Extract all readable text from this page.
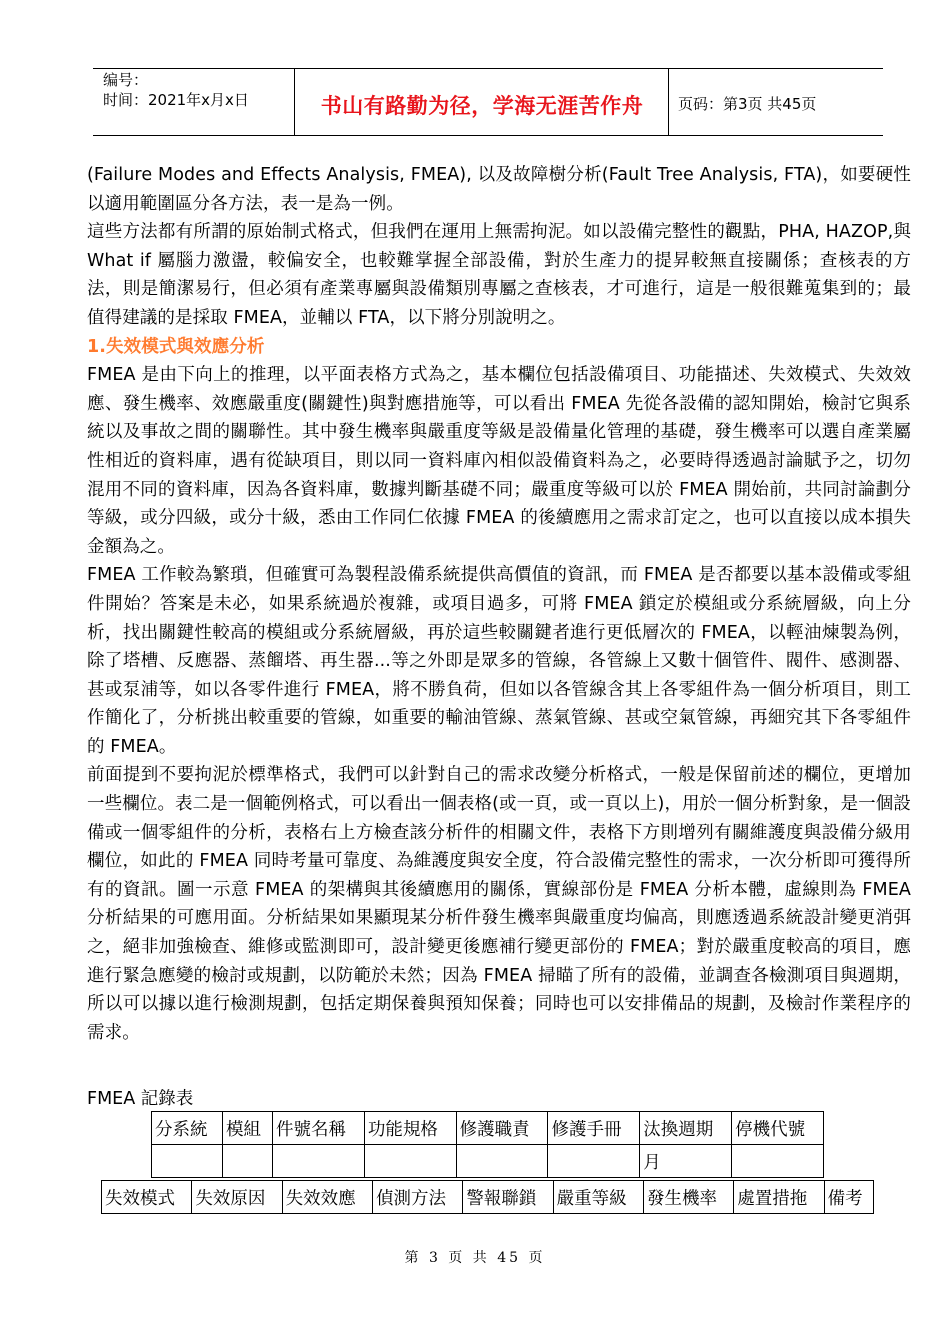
编号：
时间：2021年x月x日	书山有路勤为径，学海无涯苦作舟	页码：第3页 共45页

(Failure Modes and Effects Analysis, FMEA), 以及故障樹分析(Fault Tree Analysis, FTA)，如要硬性以適用範圍區分各方法，表一是為一例。

這些方法都有所謂的原始制式格式，但我們在運用上無需拘泥。如以設備完整性的觀點，PHA, HAZOP,與 What if 屬腦力激盪，較偏安全，也較難掌握全部設備，對於生產力的提昇較無直接關係；查核表的方法，則是簡潔易行，但必須有產業專屬與設備類別專屬之查核表，才可進行，這是一般很難蒐集到的；最值得建議的是採取 FMEA，並輔以 FTA，以下將分別說明之。

1.失效模式與效應分析

FMEA 是由下向上的推理，以平面表格方式為之，基本欄位包括設備項目、功能描述、失效模式、失效效應、發生機率、效應嚴重度(關鍵性)與對應措施等，可以看出 FMEA 先從各設備的認知開始，檢討它與系統以及事故之間的關聯性。其中發生機率與嚴重度等級是設備量化管理的基礎，發生機率可以選自產業屬性相近的資料庫，遇有從缺項目，則以同一資料庫內相似設備資料為之，必要時得透過討論賦予之，切勿混用不同的資料庫，因為各資料庫，數據判斷基礎不同；嚴重度等級可以於 FMEA 開始前，共同討論劃分等級，或分四級，或分十級，悉由工作同仁依據 FMEA 的後續應用之需求訂定之，也可以直接以成本損失金額為之。

FMEA 工作較為繁瑣，但確實可為製程設備系統提供高價值的資訊，而 FMEA 是否都要以基本設備或零組件開始？答案是未必，如果系統過於複雜，或項目過多，可將 FMEA 鎖定於模組或分系統層級，向上分析，找出關鍵性較高的模組或分系統層級，再於這些較關鍵者進行更低層次的 FMEA，以輕油煉製為例，除了塔槽、反應器、蒸餾塔、再生器...等之外即是眾多的管線，各管線上又數十個管件、閥件、感測器、甚或泵浦等，如以各零件進行 FMEA，將不勝負荷，但如以各管線含其上各零組件為一個分析項目，則工作簡化了，分析挑出較重要的管線，如重要的輸油管線、蒸氣管線、甚或空氣管線，再細究其下各零組件的 FMEA。

前面提到不要拘泥於標準格式，我們可以針對自己的需求改變分析格式，一般是保留前述的欄位，更增加一些欄位。表二是一個範例格式，可以看出一個表格(或一頁，或一頁以上)，用於一個分析對象，是一個設備或一個零組件的分析，表格右上方檢查該分析件的相關文件，表格下方則增列有關維護度與設備分級用欄位，如此的 FMEA 同時考量可靠度、為維護度與安全度，符合設備完整性的需求，一次分析即可獲得所有的資訊。圖一示意 FMEA 的架構與其後續應用的關係，實線部份是 FMEA 分析本體，虛線則為 FMEA 分析結果的可應用面。分析結果如果顯現某分析件發生機率與嚴重度均偏高，則應透過系統設計變更消弭之，絕非加強檢查、維修或監測即可，設計變更後應補行變更部份的 FMEA；對於嚴重度較高的項目，應進行緊急應變的檢討或規劃，以防範於未然；因為 FMEA 掃瞄了所有的設備，並調查各檢測項目與週期，所以可以據以進行檢測規劃，包括定期保養與預知保養；同時也可以安排備品的規劃，及檢討作業程序的需求。

FMEA 記錄表
分系統	模組	件號名稱	功能規格	修護職責	修護手冊	汰換週期	停機代號
						月	
失效模式	失效原因	失效效應	偵測方法	警報聯鎖	嚴重等級	發生機率	處置措拖	備考
第 3 页 共 45 页
